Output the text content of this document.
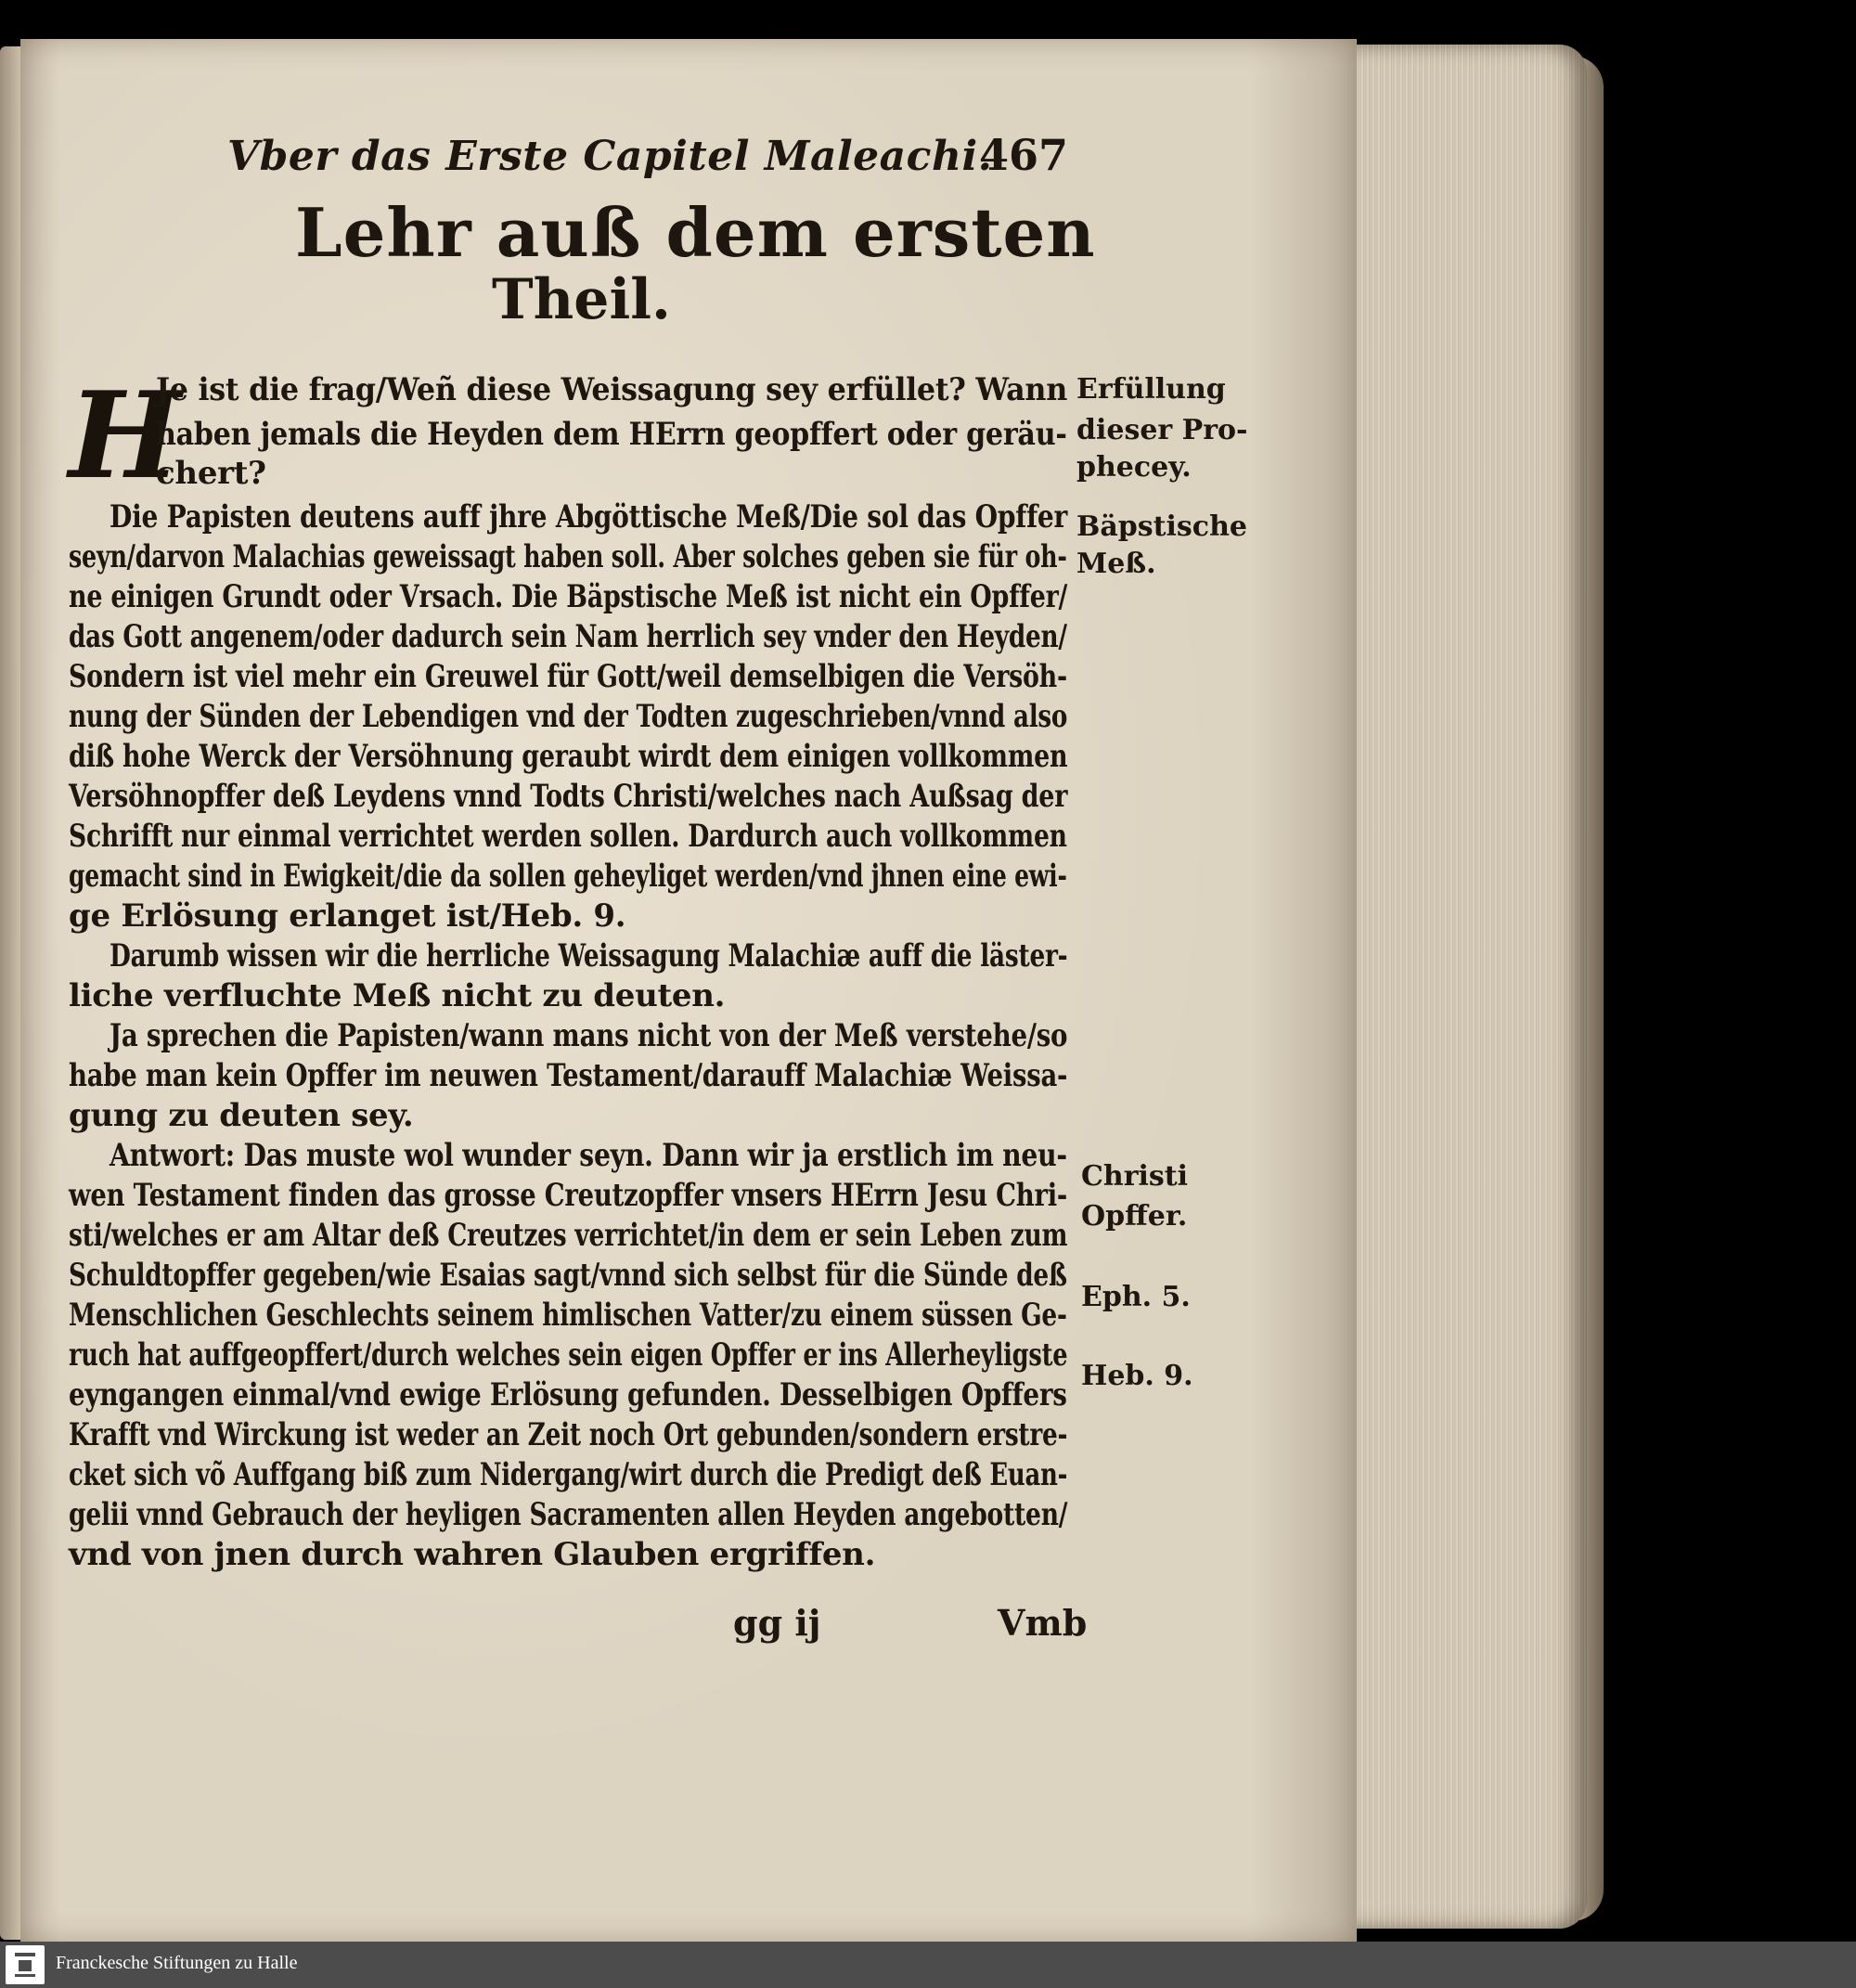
Vber das Erste Capitel Maleachi.
467
Lehr auß dem ersten
Theil.
H
Je ist die frag/Weñ diese Weissagung sey erfüllet? Wann
haben jemals die Heyden dem HErrn geopffert oder geräu-
chert?
Die Papisten deutens auff jhre Abgöttische Meß/Die sol das Opffer
seyn/darvon Malachias geweissagt haben soll. Aber solches geben sie für oh-
ne einigen Grundt oder Vrsach. Die Bäpstische Meß ist nicht ein Opffer/
das Gott angenem/oder dadurch sein Nam herrlich sey vnder den Heyden/
Sondern ist viel mehr ein Greuwel für Gott/weil demselbigen die Versöh-
nung der Sünden der Lebendigen vnd der Todten zugeschrieben/vnnd also
diß hohe Werck der Versöhnung geraubt wirdt dem einigen vollkommen
Versöhnopffer deß Leydens vnnd Todts Christi/welches nach Außsag der
Schrifft nur einmal verrichtet werden sollen. Dardurch auch vollkommen
gemacht sind in Ewigkeit/die da sollen geheyliget werden/vnd jhnen eine ewi-
ge Erlösung erlanget ist/Heb. 9.
Darumb wissen wir die herrliche Weissagung Malachiæ auff die läster-
liche verfluchte Meß nicht zu deuten.
Ja sprechen die Papisten/wann mans nicht von der Meß verstehe/so
habe man kein Opffer im neuwen Testament/darauff Malachiæ Weissa-
gung zu deuten sey.
Antwort: Das muste wol wunder seyn. Dann wir ja erstlich im neu-
wen Testament finden das grosse Creutzopffer vnsers HErrn Jesu Chri-
sti/welches er am Altar deß Creutzes verrichtet/in dem er sein Leben zum
Schuldtopffer gegeben/wie Esaias sagt/vnnd sich selbst für die Sünde deß
Menschlichen Geschlechts seinem himlischen Vatter/zu einem süssen Ge-
ruch hat auffgeopffert/durch welches sein eigen Opffer er ins Allerheyligste
eyngangen einmal/vnd ewige Erlösung gefunden. Desselbigen Opffers
Krafft vnd Wirckung ist weder an Zeit noch Ort gebunden/sondern erstre-
cket sich võ Auffgang biß zum Nidergang/wirt durch die Predigt deß Euan-
gelii vnnd Gebrauch der heyligen Sacramenten allen Heyden angebotten/
vnd von jnen durch wahren Glauben ergriffen.
Erfüllung
dieser Pro-
phecey.
Bäpstische
Meß.
Christi
Opffer.
Eph. 5.
Heb. 9.
gg ij	Vmb
Franckesche Stiftungen zu Halle
